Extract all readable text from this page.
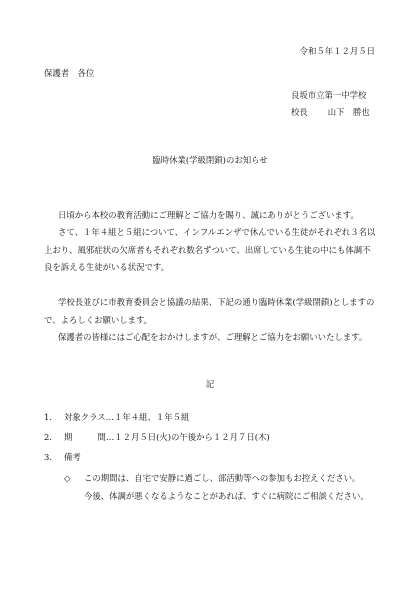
令和５年１２月５日
保護者　各位
良坂市立第一中学校
校長 山下　勝也
臨時休業(学級閉鎖)のお知らせ
日頃から本校の教育活動にご理解とご協力を賜り、誠にありがとうございます。
さて、１年４組と５組について、インフルエンザで休んでいる生徒がそれぞれ３名以上おり、風邪症状の欠席者もそれぞれ数名ずついて、出席している生徒の中にも体調不良を訴える生徒がいる状況です。
学校長並びに市教育委員会と協議の結果、下記の通り臨時休業(学級閉鎖)としますので、よろしくお願いします。
保護者の皆様にはご心配をおかけしますが、ご理解とご協力をお願いいたします。
記
1. 対象クラス…１年４組、１年５組
2. 期　　　間…１２月５日(火)の午後から１２月７日(木)
3. 備考
◇ この期間は、自宅で安静に過ごし、部活動等への参加もお控えください。
今後、体調が悪くなるようなことがあれば、すぐに病院にご相談ください。
